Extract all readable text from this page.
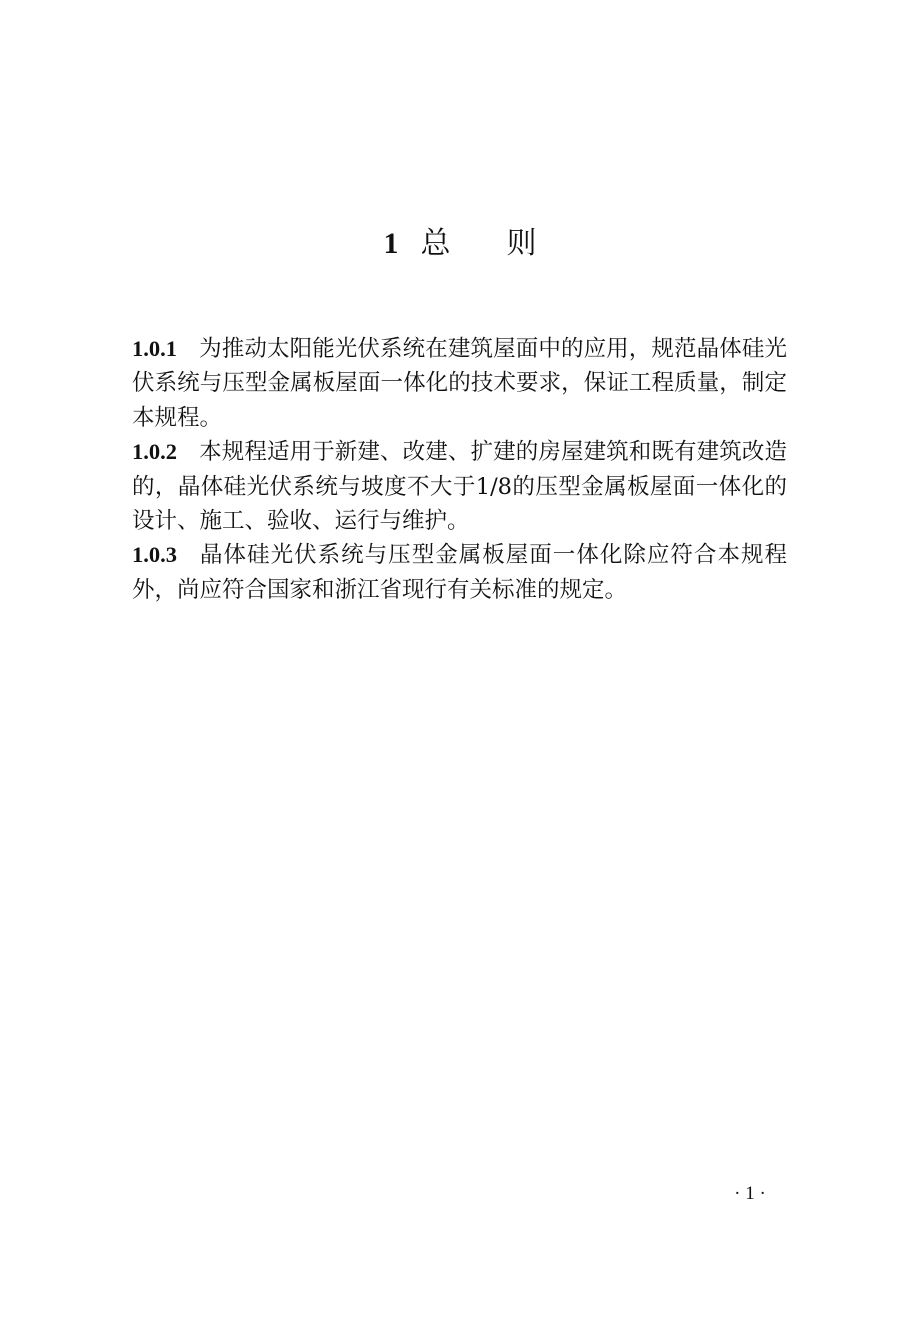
1 总则

1.0.1 为推动太阳能光伏系统在建筑屋面中的应用，规范晶体硅光伏系统与压型金属板屋面一体化的技术要求，保证工程质量，制定本规程。

1.0.2 本规程适用于新建、改建、扩建的房屋建筑和既有建筑改造的，晶体硅光伏系统与坡度不大于1/8的压型金属板屋面一体化的设计、施工、验收、运行与维护。

1.0.3 晶体硅光伏系统与压型金属板屋面一体化除应符合本规程外，尚应符合国家和浙江省现行有关标准的规定。

· 1 ·
